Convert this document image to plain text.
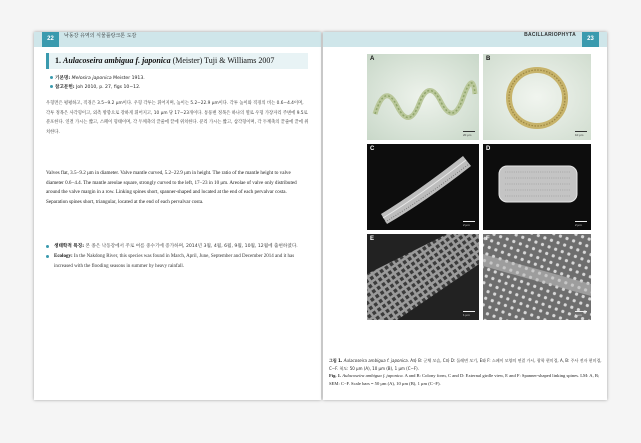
22	낙동강 유역의 식물플랑크톤 도감
1. Aulacoseira ambigua f. japonica (Meister) Tuji & Williams 2007
기본명: Melosira japonica Meister 1913.
참고문헌: Joh 2010, p. 27, figs 10−12.

우형면은 평평하고, 직경은 3.5−9.2 μm이다. 우형 각투는 휘어지며, 높이는 5.2−22.9 μm이다. 각투 높이와 직경의 비는 0.6−4.4이며, 각투 정목은 사각형이고, 외측 방향으로 강하게 휘어지고, 10 μm 당 17−23개이다. 통풍변 정목은 하나의 열로 우형 가장자리 주변에 9.5로 분포한다. 연결 가시는 짧고, 스페이 형태이며, 각 두께축의 끝줄에 끝에 위치한다. 분리 가시는 짧고, 삼각형이며, 각 두께축의 끝줄에 끝에 위치한다.

Valves flat, 3.5−9.2 μm in diameter. Valve mantle curved, 5.2−22.9 μm in height. The ratio of the mantle height to valve diameter 0.6−4.4. The mantle areolae square, strongly curved to the left, 17−23 in 10 μm. Areolae of valve only distributed around the valve margin in a row. Linking spines short, spanner-shaped and located at the end of each pervalvar costa. Separation spines short, triangular, located at the end of each pervalvar costa.

생태학적 특징: 본 종은 낙동강에서 주로 여름 중수기에 증가하며, 2014년 3월, 4월, 6월, 9월, 10월, 12월에 출현하였다.
Ecology: In the Nakdong River, this species was found in March, April, June, September and December 2014 and it has increased with the flooding seasons in summer by heavy rainfall.
BACILLARIOPHYTA
23
A
20 μm
B
10 μm
C
2 μm
D
2 μm
E
1 μm
F
1 μm
그림 1. Aulacoseira ambigua f. japonica. A와 B: 군체 모습, C와 D: 돌레면 모기, E와 F: 스페이 모양의 연결 가시, 광학 현미경, A, B: 주사 전자 현미경, C−F. 척도: 50 μm (A), 10 μm (B), 1 μm (C−F).
Fig. 1. Aulacoseira ambigua f. japonica. A and B: Colony form, C and D: External girdle view, E and F: Spanner-shaped linking spines. LM: A, B; SEM: C−F. Scale bars = 50 μm (A), 10 μm (B), 1 μm (C−F).
